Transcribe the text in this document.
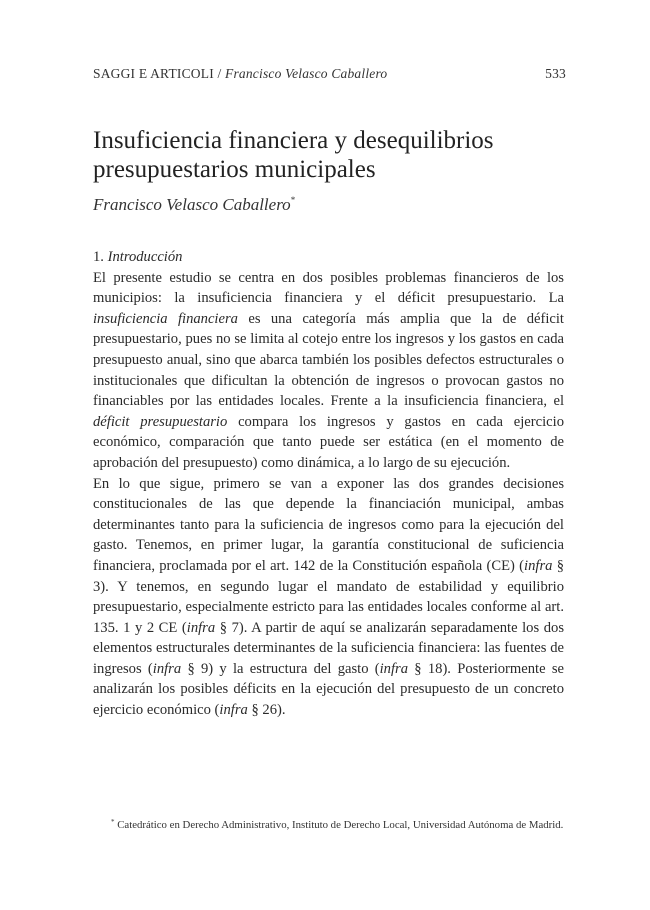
SAGGI E ARTICOLI / Francisco Velasco Caballero	533
Insuficiencia financiera y desequilibrios
presupuestarios municipales
Francisco Velasco Caballero*

1. Introducción

El presente estudio se centra en dos posibles problemas financieros de los municipios: la insuficiencia financiera y el déficit presupuestario. La insuficiencia financiera es una categoría más amplia que la de déficit presupuestario, pues no se limita al cotejo entre los ingresos y los gastos en cada presupuesto anual, sino que abarca también los posibles defectos estructurales o institucionales que dificultan la obtención de ingresos o provocan gastos no financiables por las entidades locales. Frente a la insuficiencia financiera, el déficit presupuestario compara los ingresos y gastos en cada ejercicio económico, comparación que tanto puede ser estática (en el momento de aprobación del presupuesto) como dinámica, a lo largo de su ejecución.

En lo que sigue, primero se van a exponer las dos grandes decisiones constitucionales de las que depende la financiación municipal, ambas determinantes tanto para la suficiencia de ingresos como para la ejecución del gasto. Tenemos, en primer lugar, la garantía constitucional de suficiencia financiera, proclamada por el art. 142 de la Constitución española (CE) (infra § 3). Y tenemos, en segundo lugar el mandato de estabilidad y equilibrio presupuestario, especialmente estricto para las entidades locales conforme al art. 135. 1 y 2 CE (infra § 7). A partir de aquí se analizarán separadamente los dos elementos estructurales determinantes de la suficiencia financiera: las fuentes de ingresos (infra § 9) y la estructura del gasto (infra § 18). Posteriormente se analizarán los posibles déficits en la ejecución del presupuesto de un concreto ejercicio económico (infra § 26).

* Catedrático en Derecho Administrativo, Instituto de Derecho Local, Universidad Autónoma de Madrid.
